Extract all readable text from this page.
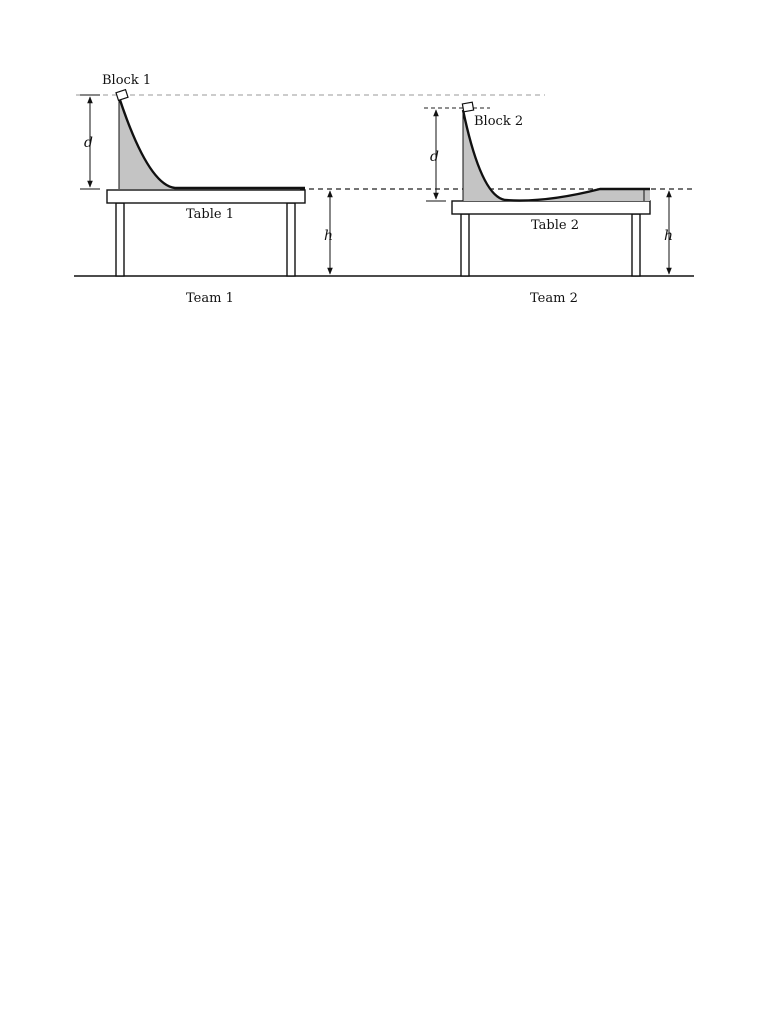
Block 1
d
Table 1
h
Team 1
Block 2
d
Table 2
h
Team 2
